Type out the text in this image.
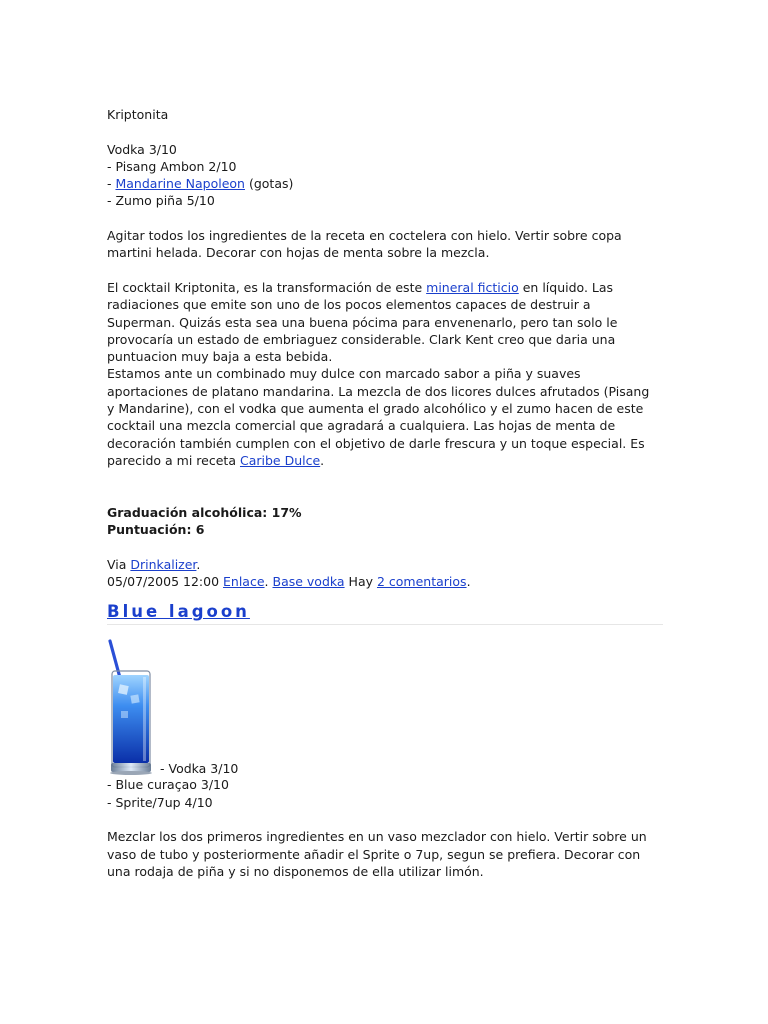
Kriptonita

Vodka 3/10
- Pisang Ambon 2/10
- Mandarine Napoleon (gotas)
- Zumo piña 5/10
Agitar todos los ingredientes de la receta en coctelera con hielo. Vertir sobre copa
martini helada. Decorar con hojas de menta sobre la mezcla.
El cocktail Kriptonita, es la transformación de este mineral ficticio en líquido. Las
radiaciones que emite son uno de los pocos elementos capaces de destruir a
Superman. Quizás esta sea una buena pócima para envenenarlo, pero tan solo le
provocaría un estado de embriaguez considerable. Clark Kent creo que daria una
puntuacion muy baja a esta bebida.
Estamos ante un combinado muy dulce con marcado sabor a piña y suaves
aportaciones de platano mandarina. La mezcla de dos licores dulces afrutados (Pisang
y Mandarine), con el vodka que aumenta el grado alcohólico y el zumo hacen de este
cocktail una mezcla comercial que agradará a cualquiera. Las hojas de menta de
decoración también cumplen con el objetivo de darle frescura y un toque especial. Es
parecido a mi receta Caribe Dulce.
Graduación alcohólica: 17%
Puntuación: 6
Via Drinkalizer.
05/07/2005 12:00 Enlace. Base vodka Hay 2 comentarios.
Blue lagoon
- Vodka 3/10
- Blue curaçao 3/10
- Sprite/7up 4/10
Mezclar los dos primeros ingredientes en un vaso mezclador con hielo. Vertir sobre un
vaso de tubo y posteriormente añadir el Sprite o 7up, segun se prefiera. Decorar con
una rodaja de piña y si no disponemos de ella utilizar limón.
